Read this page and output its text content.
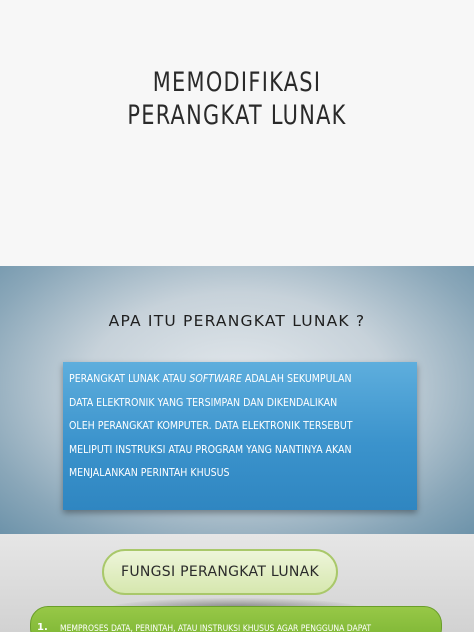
MEMODIFIKASI
PERANGKAT LUNAK
APA ITU PERANGKAT LUNAK ?
PERANGKAT LUNAK ATAU SOFTWARE ADALAH SEKUMPULAN
DATA ELEKTRONIK YANG TERSIMPAN DAN DIKENDALIKAN
OLEH PERANGKAT KOMPUTER. DATA ELEKTRONIK TERSEBUT
MELIPUTI INSTRUKSI ATAU PROGRAM YANG NANTINYA AKAN
MENJALANKAN PERINTAH KHUSUS
FUNGSI PERANGKAT LUNAK
1. MEMPROSES DATA, PERINTAH, ATAU INSTRUKSI KHUSUS AGAR PENGGUNA DAPAT
